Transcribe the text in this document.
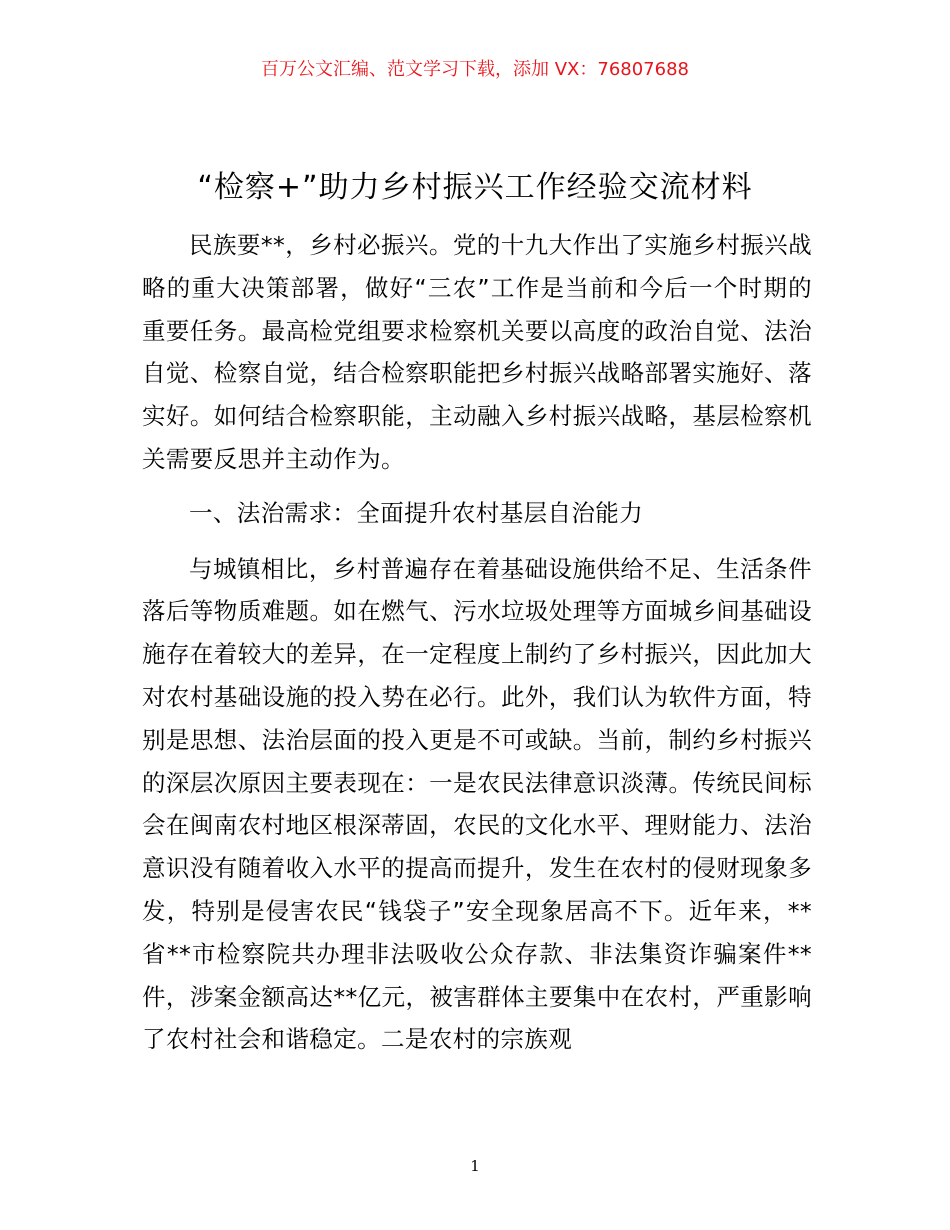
百万公文汇编、范文学习下载，添加 VX：76807688
“检察+”助力乡村振兴工作经验交流材料

民族要**，乡村必振兴。党的十九大作出了实施乡村振兴战略的重大决策部署，做好“三农”工作是当前和今后一个时期的重要任务。最高检党组要求检察机关要以高度的政治自觉、法治自觉、检察自觉，结合检察职能把乡村振兴战略部署实施好、落实好。如何结合检察职能，主动融入乡村振兴战略，基层检察机关需要反思并主动作为。

一、法治需求：全面提升农村基层自治能力

与城镇相比，乡村普遍存在着基础设施供给不足、生活条件落后等物质难题。如在燃气、污水垃圾处理等方面城乡间基础设施存在着较大的差异，在一定程度上制约了乡村振兴，因此加大对农村基础设施的投入势在必行。此外，我们认为软件方面，特别是思想、法治层面的投入更是不可或缺。当前，制约乡村振兴的深层次原因主要表现在：一是农民法律意识淡薄。传统民间标会在闽南农村地区根深蒂固，农民的文化水平、理财能力、法治意识没有随着收入水平的提高而提升，发生在农村的侵财现象多发，特别是侵害农民“钱袋子”安全现象居高不下。近年来，**省**市检察院共办理非法吸收公众存款、非法集资诈骗案件**件，涉案金额高达**亿元，被害群体主要集中在农村，严重影响了农村社会和谐稳定。二是农村的宗族观

1
